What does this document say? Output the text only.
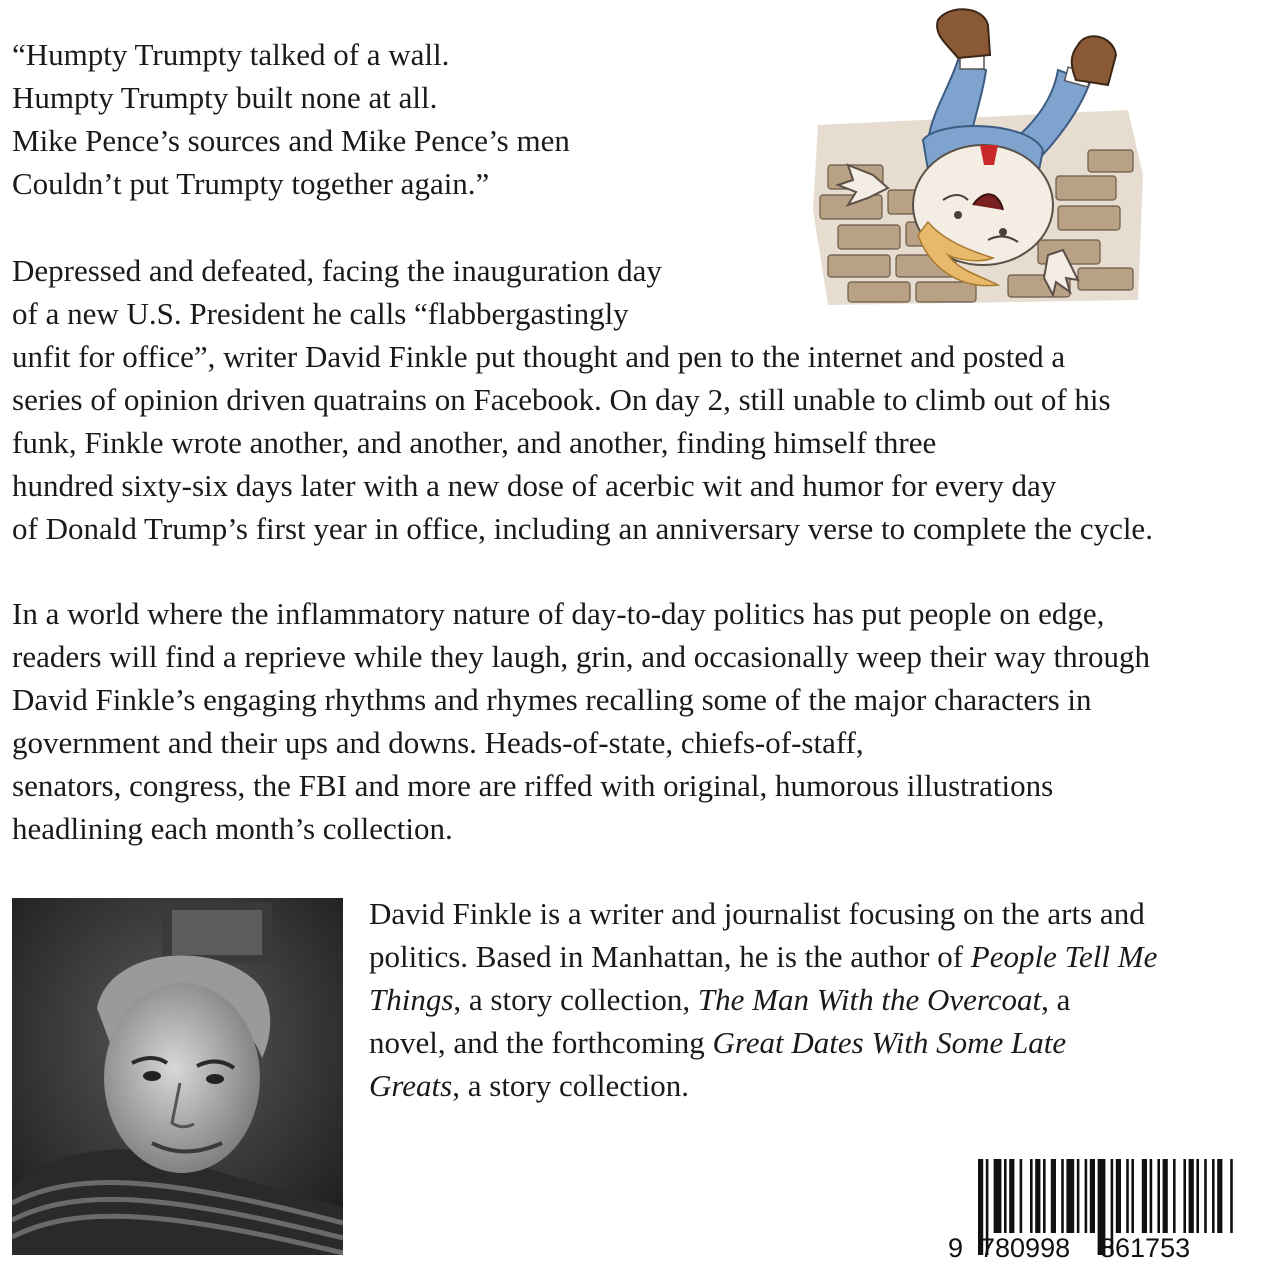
“Humpty Trumpty talked of a wall.
Humpty Trumpty built none at all.
Mike Pence’s sources and Mike Pence’s men
Couldn’t put Trumpty together again.”
Depressed and defeated, facing the inauguration day
of a new U.S. President he calls “flabbergastingly
unfit for office”, writer David Finkle put thought and pen to the internet and posted a
series of opinion driven quatrains on Facebook. On day 2, still unable to climb out of his
funk, Finkle wrote another, and another, and another, finding himself three
hundred sixty-six days later with a new dose of acerbic wit and humor for every day
of Donald Trump’s first year in office, including an anniversary verse to complete the cycle.
In a world where the inflammatory nature of day-to-day politics has put people on edge,
readers will find a reprieve while they laugh, grin, and occasionally weep their way through
David Finkle’s engaging rhythms and rhymes recalling some of the major characters in
government and their ups and downs. Heads-of-state, chiefs-of-staff,
senators, congress, the FBI and more are riffed with original, humorous illustrations
headlining each month’s collection.
David Finkle is a writer and journalist focusing on the arts and
politics. Based in Manhattan, he is the author of People Tell Me
Things, a story collection, The Man With the Overcoat, a
novel, and the forthcoming Great Dates With Some Late
Greats, a story collection.
9 780998 861753
